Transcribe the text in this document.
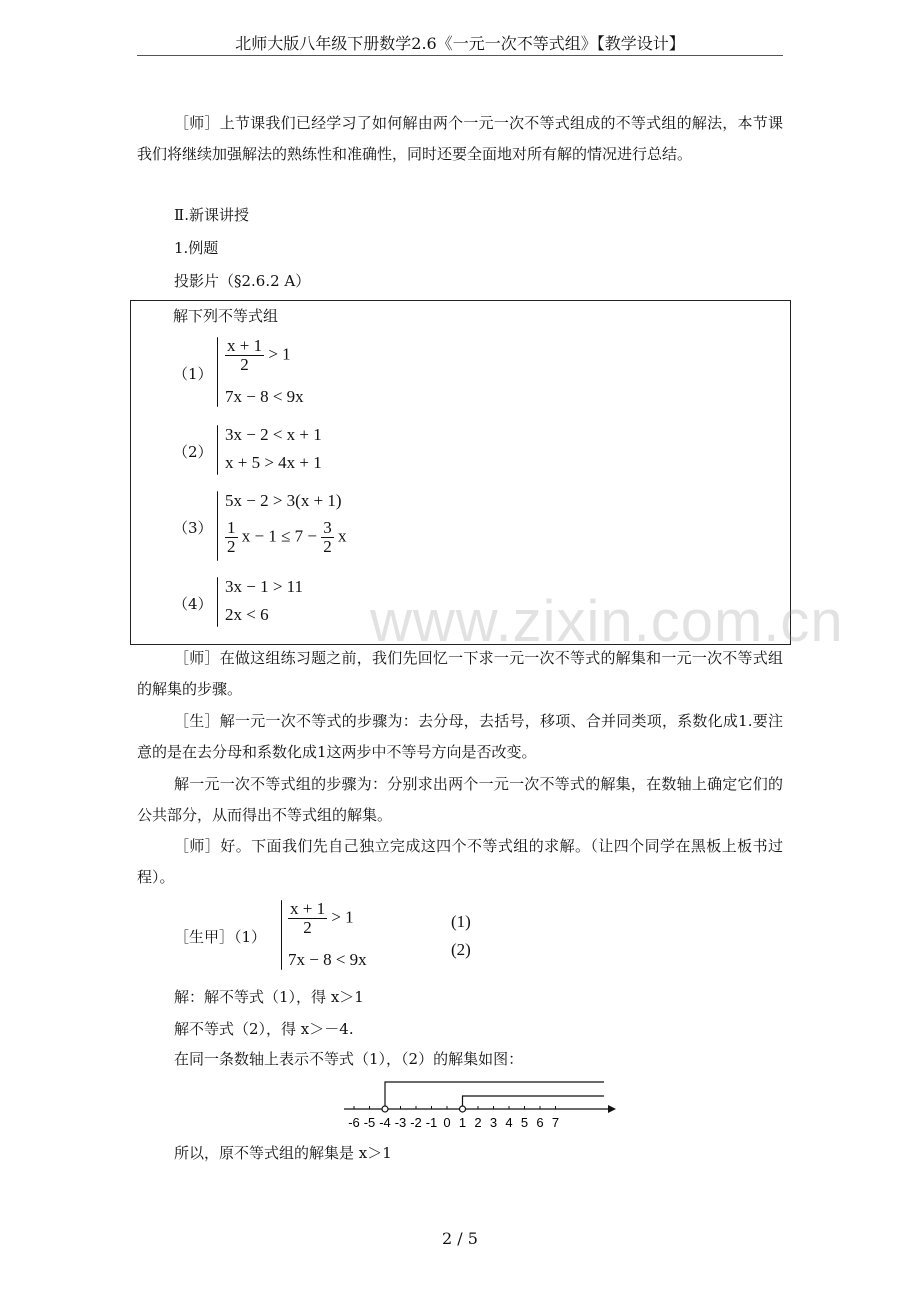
北师大版八年级下册数学2.6《一元一次不等式组》【教学设计】
［师］上节课我们已经学习了如何解由两个一元一次不等式组成的不等式组的解法，本节课我们将继续加强解法的熟练性和准确性，同时还要全面地对所有解的情况进行总结。
Ⅱ.新课讲授
1.例题
投影片（§2.6.2 A）
解下列不等式组
$(1) \frac{x + 1}{2} > 1$
7x − 8 < 9x
（2）
3x − 2 < x + 1
x + 5 > 4x + 1
（3）
5x − 2 > 3(x + 1)
$\frac{1}{2}$ $x - 1 \le 7 - \frac{3}{2}$ x
（4）
3x − 1 > 11
2x < 6 www.zixin.com.cn
［师］在做这组练习题之前，我们先回忆一下求一元一次不等式的解集和一元一次不等式组的解集的步骤。
［生］解一元一次不等式的步骤为：去分母，去括号，移项、合并同类项，系数化成1.要注意的是在去分母和系数化成1这两步中不等号方向是否改变。
解一元一次不等式组的步骤为：分别求出两个一元一次不等式的解集，在数轴上确定它们的公共部分，从而得出不等式组的解集。
［师］好。下面我们先自己独立完成这四个不等式组的求解。（让四个同学在黑板上板书过程）。
［生甲］（1） $\frac{x + 1}{2} > 1$
7x − 8 < 9x
(1)
(2)
解：解不等式（1），得 x＞1
解不等式（2），得 x＞－4.
在同一条数轴上表示不等式（1），（2）的解集如图：
-6 -5 -4 -3 -2 -1 0 1 2 3 4 5 6 7
所以，原不等式组的解集是 x＞1
2 / 5
